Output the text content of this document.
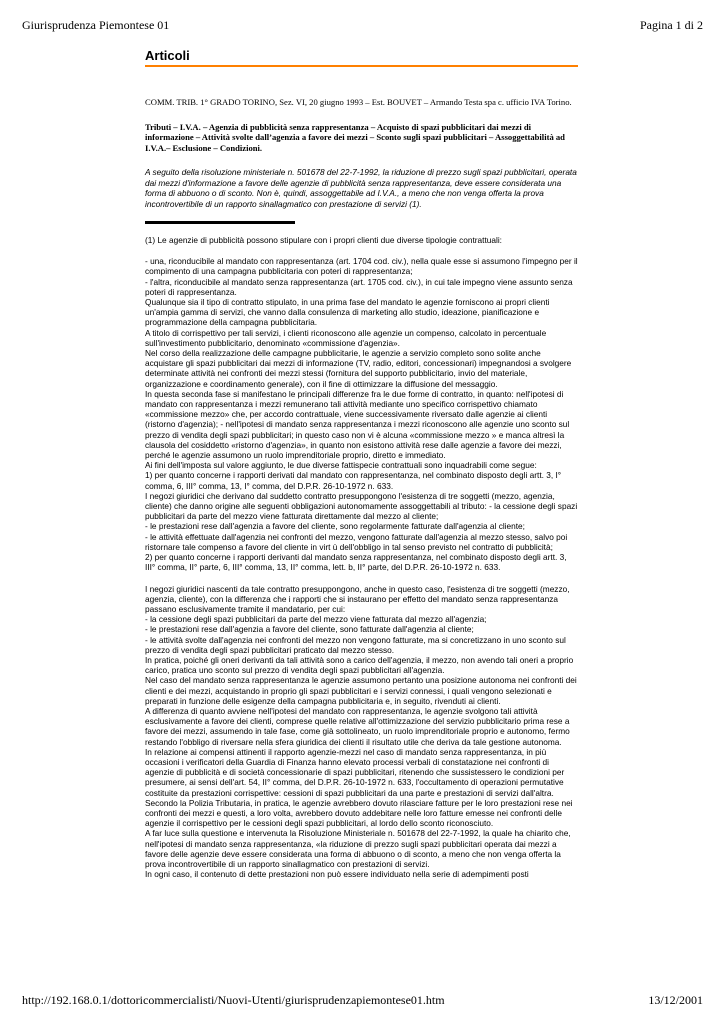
Giurisprudenza Piemontese 01	Pagina 1 di 2
Articoli
COMM. TRIB. 1° GRADO TORINO, Sez. VI, 20 giugno 1993 – Est. BOUVET – Armando Testa spa c. ufficio IVA Torino.
Tributi – I.V.A. – Agenzia di pubblicità senza rappresentanza – Acquisto di spazi pubblicitari dai mezzi di informazione – Attività svolte dall’agenzia a favore dei mezzi – Sconto sugli spazi pubblicitari – Assoggettabilità ad I.V.A.– Esclusione – Condizioni.
A seguito della risoluzione ministeriale n. 501678 del 22-7-1992, la riduzione di prezzo sugli spazi pubblicitari, operata dai mezzi d'informazione a favore delle agenzie di pubblicità senza rappresentanza, deve essere considerata una forma di abbuono o di sconto. Non è, quindi, assoggettabile ad I.V.A., a meno che non venga offerta la prova incontrovertibile di un rapporto sinallagmatico con prestazione di servizi (1).

(1) Le agenzie di pubblicità possono stipulare con i propri clienti due diverse tipologie contrattuali:

- una, riconducibile al mandato con rappresentanza (art. 1704 cod. civ.), nella quale esse si assumono l'impegno per il compimento di una campagna pubblicitaria con poteri di rappresentanza;
- l'altra, riconducibile al mandato senza rappresentanza (art. 1705 cod. civ.), in cui tale impegno viene assunto senza poteri di rappresentanza.
Qualunque sia il tipo di contratto stipulato, in una prima fase del mandato le agenzie forniscono ai propri clienti un'ampia gamma di servizi, che vanno dalla consulenza di marketing allo studio, ideazione, pianificazione e programmazione della campagna pubblicitaria.
A titolo di corrispettivo per tali servizi, i clienti riconoscono alle agenzie un compenso, calcolato in percentuale sull'investimento pubblicitario, denominato «commissione d'agenzia».
Nel corso della realizzazione delle campagne pubblicitarie, le agenzie a servizio completo sono solite anche acquistare gli spazi pubblicitari dai mezzi di informazione (TV, radio, editori, concessionari) impegnandosi a svolgere determinate attività nei confronti dei mezzi stessi (fornitura del supporto pubblicitario, invio del materiale, organizzazione e coordinamento generale), con il fine di ottimizzare la diffusione del messaggio.
In questa seconda fase si manifestano le principali differenze fra le due forme di contratto, in quanto: nell'ipotesi di mandato con rappresentanza i mezzi remunerano tali attività mediante uno specifico corrispettivo chiamato «commissione mezzo» che, per accordo contrattuale, viene successivamente riversato dalle agenzie ai clienti (ristorno d'agenzia); - nell'ipotesi di mandato senza rappresentanza i mezzi riconoscono alle agenzie uno sconto sul prezzo di vendita degli spazi pubblicitari; in questo caso non vi è alcuna «commissione mezzo » e manca altresì la clausola del cosiddetto «ristorno d'agenzia», in quanto non esistono attività rese dalle agenzie a favore dei mezzi, perché le agenzie assumono un ruolo imprenditoriale proprio, diretto e immediato.
Ai fini dell'imposta sul valore aggiunto, le due diverse fattispecie contrattuali sono inquadrabili come segue:
1) per quanto concerne i rapporti derivati dal mandato con rappresentanza, nel combinato disposto degli artt. 3, I° comma, 6, III° comma, 13, I° comma, del D.P.R. 26-10-1972 n. 633.
I negozi giuridici che derivano dal suddetto contratto presuppongono l'esistenza di tre soggetti (mezzo, agenzia, cliente) che danno origine alle seguenti obbligazioni autonomamente assoggettabili al tributo: - la cessione degli spazi pubblicitari da parte del mezzo viene fatturata direttamente dal mezzo al cliente;
- le prestazioni rese dall'agenzia a favore del cliente, sono regolarmente fatturate dall'agenzia al cliente;
- le attività effettuate dall'agenzia nei confronti del mezzo, vengono fatturate dall'agenzia al mezzo stesso, salvo poi ristornare tale compenso a favore del cliente in virt ù dell'obbligo in tal senso previsto nel contratto di pubblicità;
2) per quanto concerne i rapporti derivanti dal mandato senza rappresentanza, nel combinato disposto degli artt. 3, III° comma, II° parte, 6, III° comma, 13, II° comma, lett. b, II° parte, del D.P.R. 26-10-1972 n. 633.

I negozi giuridici nascenti da tale contratto presuppongono, anche in questo caso, l'esistenza di tre soggetti (mezzo, agenzia, cliente), con la differenza che i rapporti che si instaurano per effetto del mandato senza rappresentanza passano esclusivamente tramite il mandatario, per cui:
- la cessione degli spazi pubblicitari da parte del mezzo viene fatturata dal mezzo all'agenzia;
- le prestazioni rese dall'agenzia a favore del cliente, sono fatturate dall'agenzia al cliente;
- le attività svolte dall'agenzia nei confronti del mezzo non vengono fatturate, ma si concretizzano in uno sconto sul prezzo di vendita degli spazi pubblicitari praticato dal mezzo stesso.
In pratica, poiché gli oneri derivanti da tali attività sono a carico dell'agenzia, il mezzo, non avendo tali oneri a proprio carico, pratica uno sconto sul prezzo di vendita degli spazi pubblicitari all'agenzia.
Nel caso del mandato senza rappresentanza le agenzie assumono pertanto una posizione autonoma nei confronti dei clienti e dei mezzi, acquistando in proprio gli spazi pubblicitari e i servizi connessi, i quali vengono selezionati e preparati in funzione delle esigenze della campagna pubblicitaria e, in seguito, rivenduti ai clienti.
A differenza di quanto avviene nell'ipotesi del mandato con rappresentanza, le agenzie svolgono tali attività esclusivamente a favore dei clienti, comprese quelle relative all'ottimizzazione del servizio pubblicitario prima rese a favore dei mezzi, assumendo in tale fase, come già sottolineato, un ruolo imprenditoriale proprio e autonomo, fermo restando l'obbligo di riversare nella sfera giuridica dei clienti il risultato utile che deriva da tale gestione autonoma.
In relazione ai compensi attinenti il rapporto agenzie-mezzi nel caso di mandato senza rappresentanza, in più occasioni i verificatori della Guardia di Finanza hanno elevato processi verbali di constatazione nei confronti di agenzie di pubblicità e di società concessionarie di spazi pubblicitari, ritenendo che sussistessero le condizioni per presumere, ai sensi dell'art. 54, II° comma, del D.P.R. 26-10-1972 n. 633, l'occultamento di operazioni permutative costituite da prestazioni corrispettive: cessioni di spazi pubblicitari da una parte e prestazioni di servizi dall'altra. Secondo la Polizia Tributaria, in pratica, le agenzie avrebbero dovuto rilasciare fatture per le loro prestazioni rese nei confronti dei mezzi e questi, a loro volta, avrebbero dovuto addebitare nelle loro fatture emesse nei confronti delle agenzie il corrispettivo per le cessioni degli spazi pubblicitari, al lordo dello sconto riconosciuto.
A far luce sulla questione e intervenuta la Risoluzione Ministeriale n. 501678 del 22-7-1992, la quale ha chiarito che, nell'ipotesi di mandato senza rappresentanza, «la riduzione di prezzo sugli spazi pubblicitari operata dai mezzi a favore delle agenzie deve essere considerata una forma di abbuono o di sconto, a meno che non venga offerta la prova incontrovertibile di un rapporto sinallagmatico con prestazioni di servizi.
In ogni caso, il contenuto di dette prestazioni non può essere individuato nella serie di adempimenti posti

http://192.168.0.1/dottoricommercialisti/Nuovi-Utenti/giurisprudenzapiemontese01.htm	13/12/2001
